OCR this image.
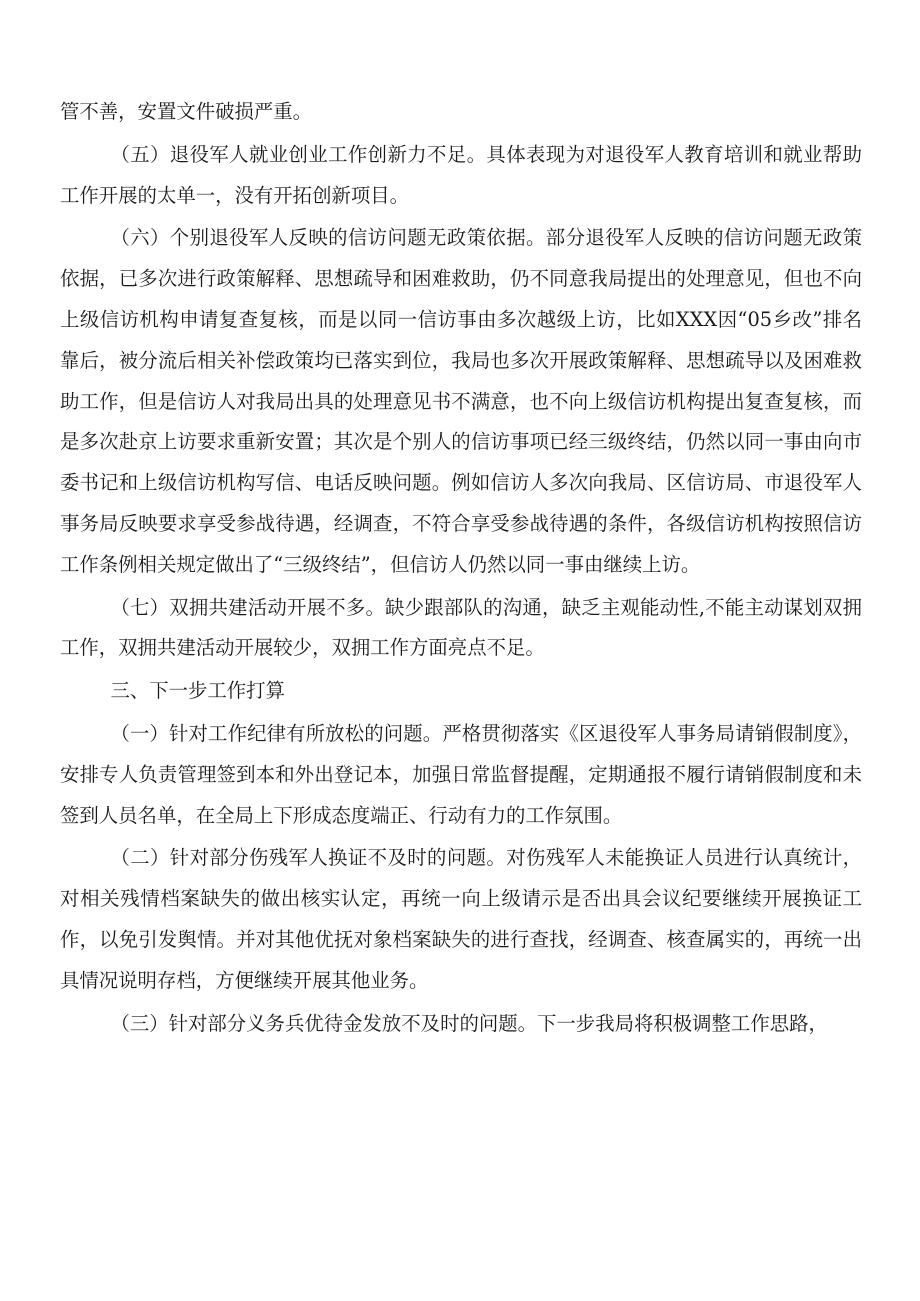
管不善，安置文件破损严重。

（五）退役军人就业创业工作创新力不足。具体表现为对退役军人教育培训和就业帮助工作开展的太单一，没有开拓创新项目。

（六）个别退役军人反映的信访问题无政策依据。部分退役军人反映的信访问题无政策依据，已多次进行政策解释、思想疏导和困难救助，仍不同意我局提出的处理意见，但也不向上级信访机构申请复查复核，而是以同一信访事由多次越级上访，比如XXX因“05乡改”排名靠后，被分流后相关补偿政策均已落实到位，我局也多次开展政策解释、思想疏导以及困难救助工作，但是信访人对我局出具的处理意见书不满意，也不向上级信访机构提出复查复核，而是多次赴京上访要求重新安置；其次是个别人的信访事项已经三级终结，仍然以同一事由向市委书记和上级信访机构写信、电话反映问题。例如信访人多次向我局、区信访局、市退役军人事务局反映要求享受参战待遇，经调查，不符合享受参战待遇的条件，各级信访机构按照信访工作条例相关规定做出了“三级终结”，但信访人仍然以同一事由继续上访。

（七）双拥共建活动开展不多。缺少跟部队的沟通，缺乏主观能动性,不能主动谋划双拥工作，双拥共建活动开展较少，双拥工作方面亮点不足。

三、下一步工作打算

（一）针对工作纪律有所放松的问题。严格贯彻落实《区退役军人事务局请销假制度》，安排专人负责管理签到本和外出登记本，加强日常监督提醒，定期通报不履行请销假制度和未签到人员名单，在全局上下形成态度端正、行动有力的工作氛围。

（二）针对部分伤残军人换证不及时的问题。对伤残军人未能换证人员进行认真统计，对相关残情档案缺失的做出核实认定，再统一向上级请示是否出具会议纪要继续开展换证工作，以免引发舆情。并对其他优抚对象档案缺失的进行查找，经调查、核查属实的，再统一出具情况说明存档，方便继续开展其他业务。

（三）针对部分义务兵优待金发放不及时的问题。下一步我局将积极调整工作思路，
